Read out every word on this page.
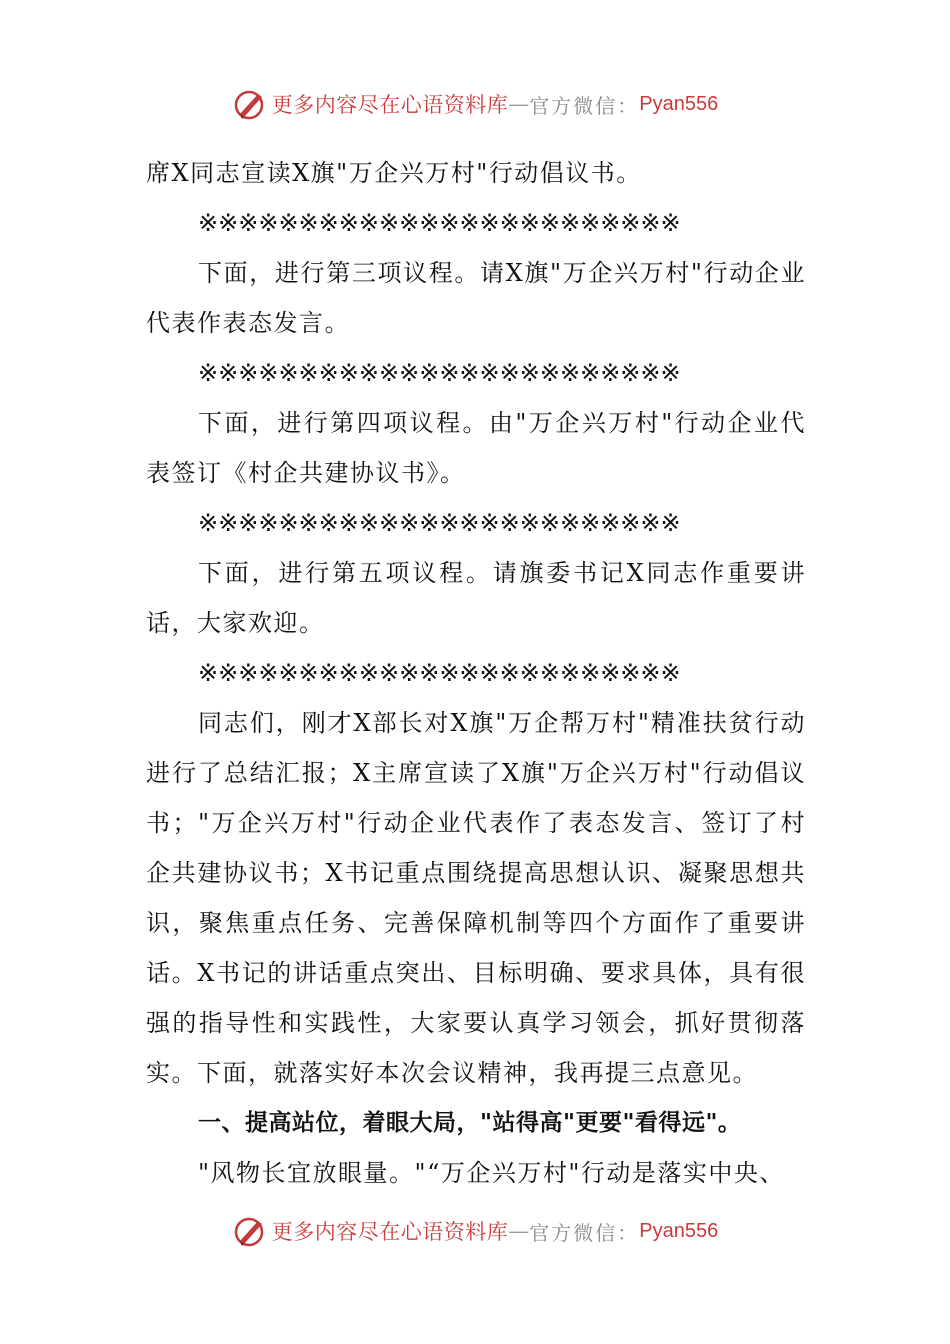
更多内容尽在心语资料库 — 官方微信： Pyan556

席X同志宣读X旗"万企兴万村"行动倡议书。

※※※※※※※※※※※※※※※※※※※※※※※※

下面，进行第三项议程。请X旗"万企兴万村"行动企业代表作表态发言。

※※※※※※※※※※※※※※※※※※※※※※※※

下面，进行第四项议程。由"万企兴万村"行动企业代表签订《村企共建协议书》。

※※※※※※※※※※※※※※※※※※※※※※※※

下面，进行第五项议程。请旗委书记X同志作重要讲话，大家欢迎。

※※※※※※※※※※※※※※※※※※※※※※※※

同志们，刚才X部长对X旗"万企帮万村"精准扶贫行动进行了总结汇报；X主席宣读了X旗"万企兴万村"行动倡议书；"万企兴万村"行动企业代表作了表态发言、签订了村企共建协议书；X书记重点围绕提高思想认识、凝聚思想共识，聚焦重点任务、完善保障机制等四个方面作了重要讲话。X书记的讲话重点突出、目标明确、要求具体，具有很强的指导性和实践性，大家要认真学习领会，抓好贯彻落实。下面，就落实好本次会议精神，我再提三点意见。

一、提高站位，着眼大局，"站得高"更要"看得远"。

"风物长宜放眼量。"“万企兴万村"行动是落实中央、

更多内容尽在心语资料库 — 官方微信： Pyan556
